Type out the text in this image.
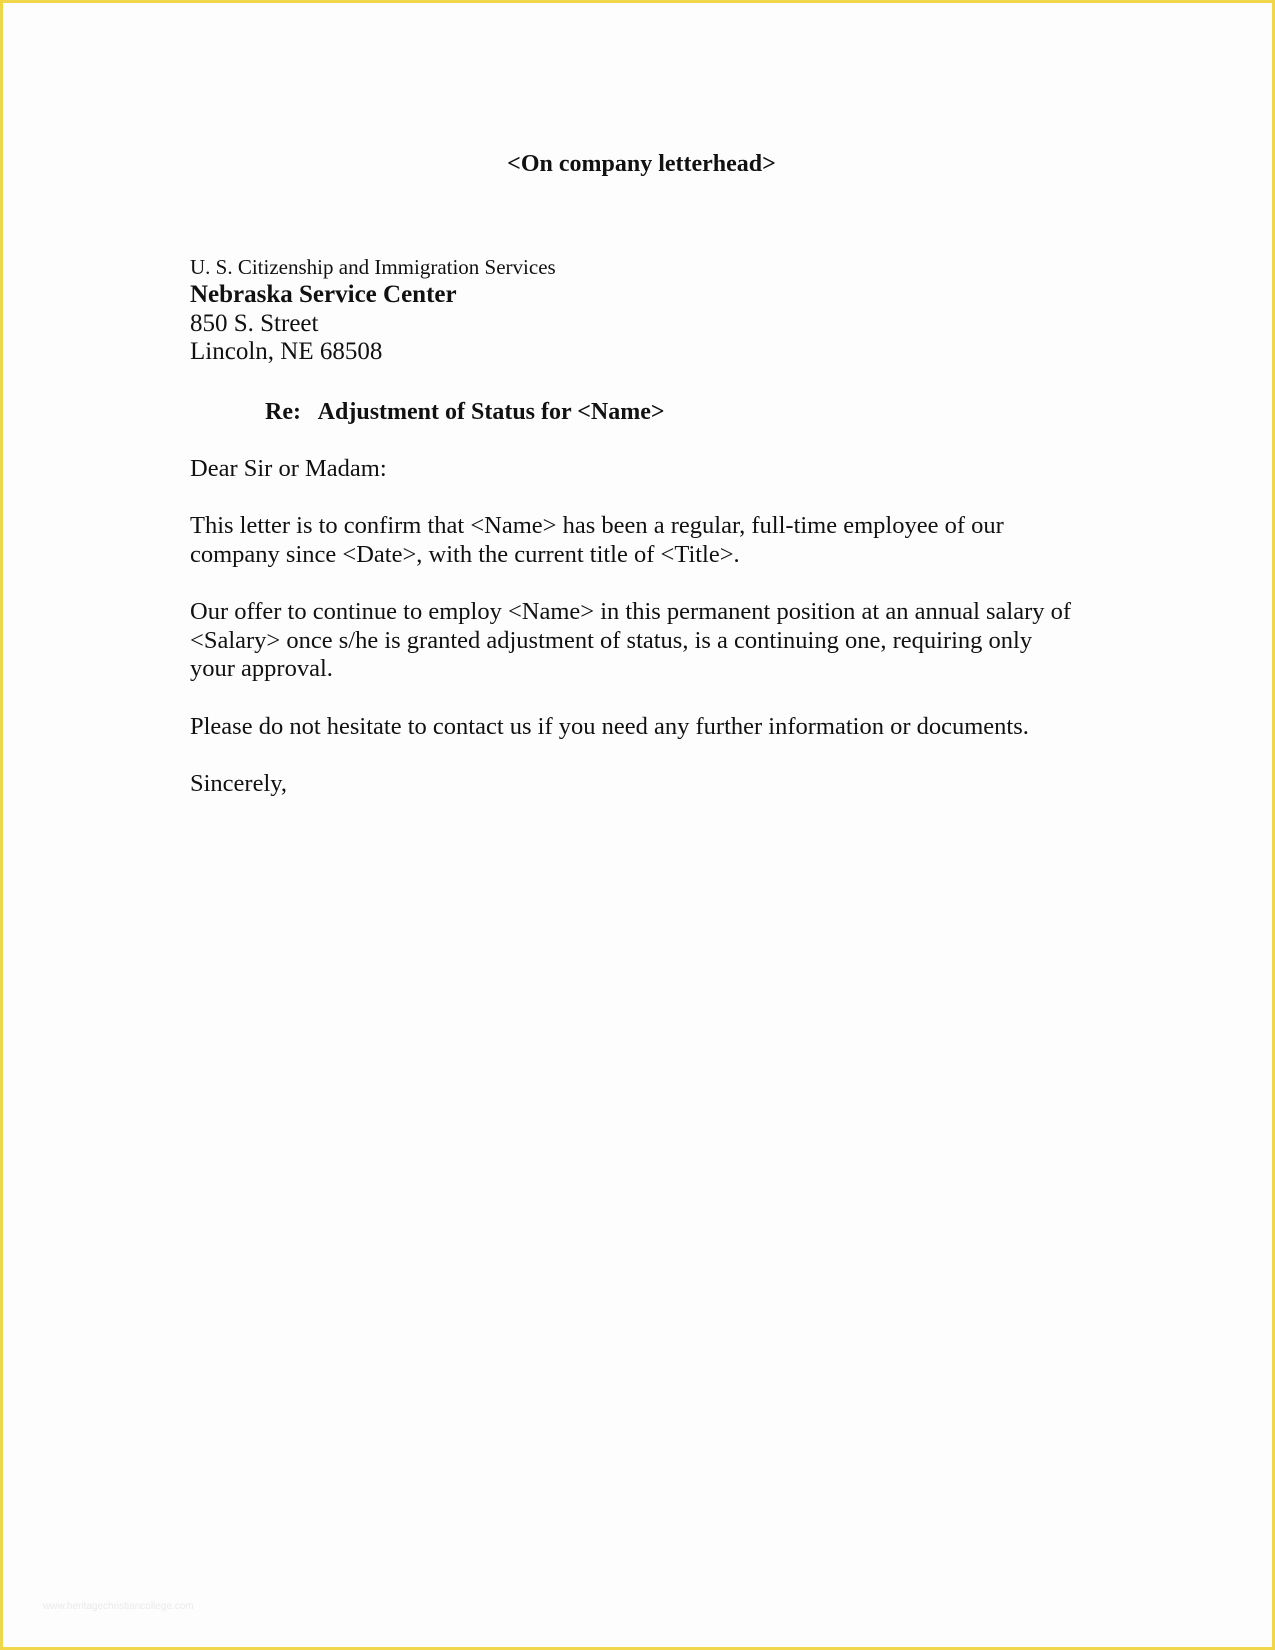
<On company letterhead>
U. S. Citizenship and Immigration Services
Nebraska Service Center
850 S. Street
Lincoln, NE 68508
Re: Adjustment of Status for <Name>
Dear Sir or Madam:
This letter is to confirm that <Name> has been a regular, full-time employee of our
company since <Date>, with the current title of <Title>.
Our offer to continue to employ <Name> in this permanent position at an annual salary of
<Salary> once s/he is granted adjustment of status, is a continuing one, requiring only
your approval.
Please do not hesitate to contact us if you need any further information or documents.
Sincerely,
www.heritagechristiancollege.com
